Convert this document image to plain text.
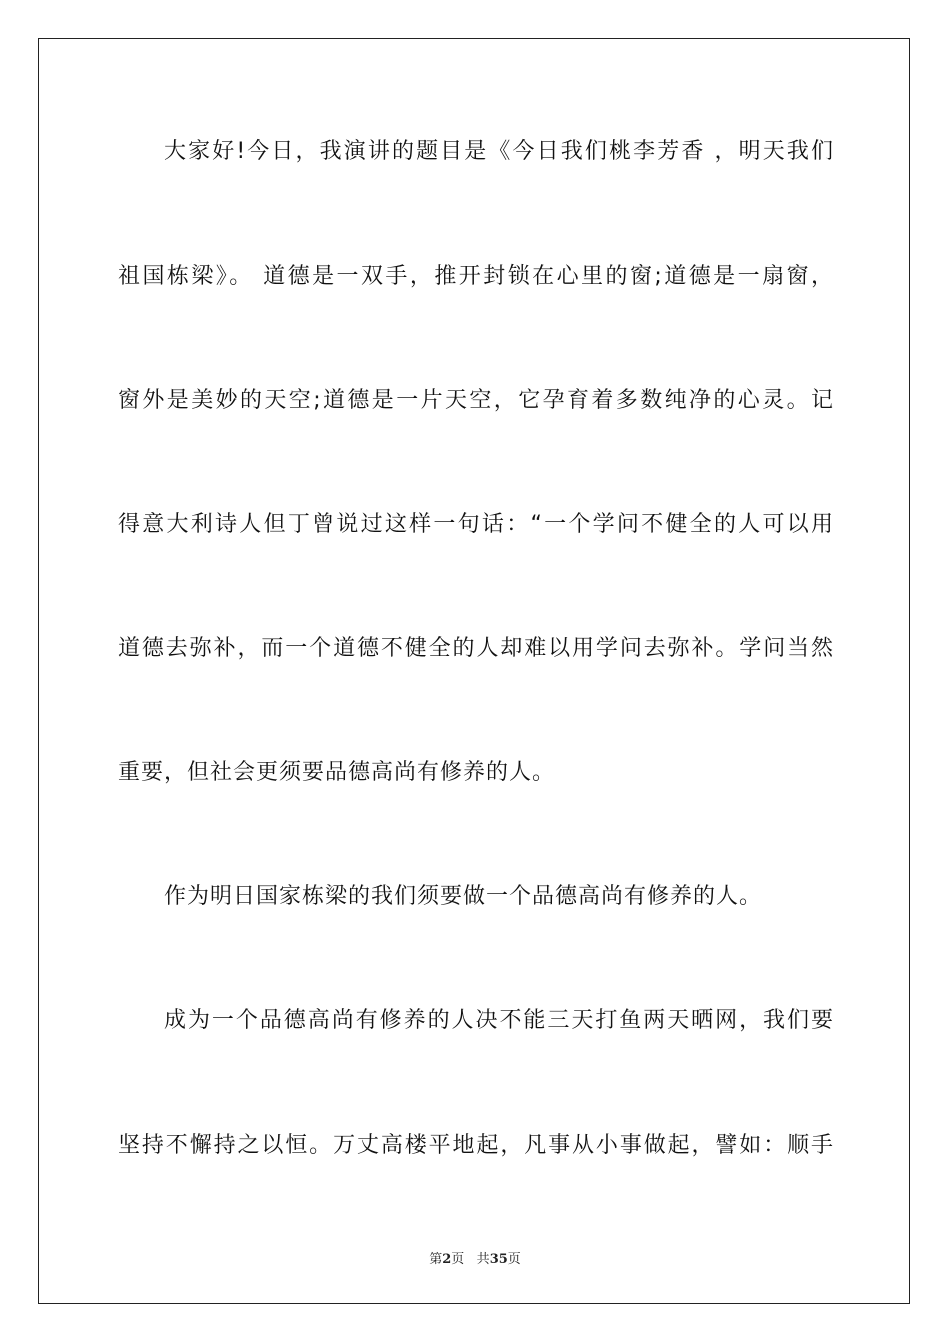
大家好!今日，我演讲的题目是《今日我们桃李芳香 ，明天我们
祖国栋梁》。 道德是一双手，推开封锁在心里的窗;道德是一扇窗，
窗外是美妙的天空;道德是一片天空，它孕育着多数纯净的心灵。记
得意大利诗人但丁曾说过这样一句话：“一个学问不健全的人可以用
道德去弥补，而一个道德不健全的人却难以用学问去弥补。学问当然
重要，但社会更须要品德高尚有修养的人。
作为明日国家栋梁的我们须要做一个品德高尚有修养的人。
成为一个品德高尚有修养的人决不能三天打鱼两天晒网，我们要
坚持不懈持之以恒。万丈高楼平地起，凡事从小事做起，譬如：顺手
第2页 共35页
